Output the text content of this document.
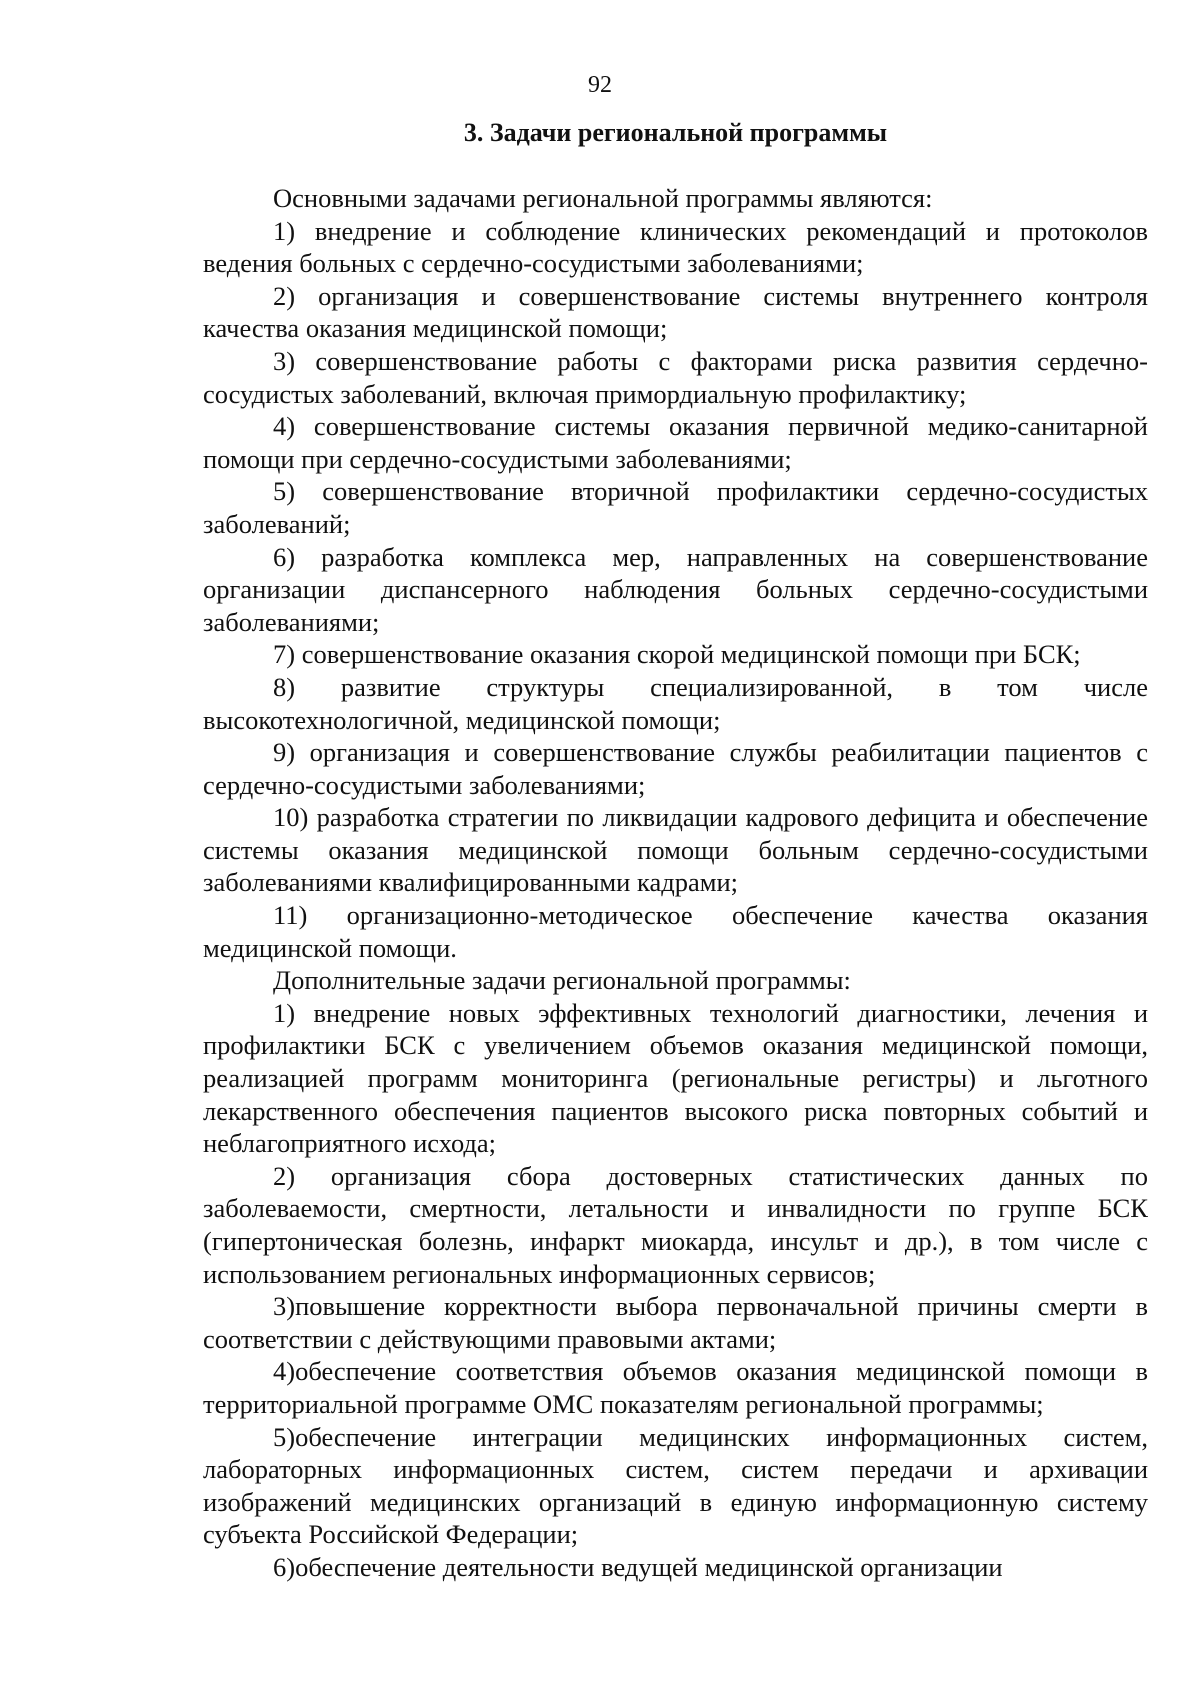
92
3. Задачи региональной программы

Основными задачами региональной программы являются:

1) внедрение и соблюдение клинических рекомендаций и протоколов ведения больных с сердечно-сосудистыми заболеваниями;

2) организация и совершенствование системы внутреннего контроля качества оказания медицинской помощи;

3) совершенствование работы с факторами риска развития сердечно-сосудистых заболеваний, включая примордиальную профилактику;

4) совершенствование системы оказания первичной медико-санитарной помощи при сердечно-сосудистыми заболеваниями;

5) совершенствование вторичной профилактики сердечно-сосудистых заболеваний;

6) разработка комплекса мер, направленных на совершенствование организации диспансерного наблюдения больных сердечно-сосудистыми заболеваниями;

7) совершенствование оказания скорой медицинской помощи при БСК;

8) развитие структуры специализированной, в том числе высокотехнологичной, медицинской помощи;

9) организация и совершенствование службы реабилитации пациентов с сердечно-сосудистыми заболеваниями;

10) разработка стратегии по ликвидации кадрового дефицита и обеспечение системы оказания медицинской помощи больным сердечно-сосудистыми заболеваниями квалифицированными кадрами;

11) организационно-методическое обеспечение качества оказания медицинской помощи.

Дополнительные задачи региональной программы:

1) внедрение новых эффективных технологий диагностики, лечения и профилактики БСК с увеличением объемов оказания медицинской помощи, реализацией программ мониторинга (региональные регистры) и льготного лекарственного обеспечения пациентов высокого риска повторных событий и неблагоприятного исхода;

2) организация сбора достоверных статистических данных по заболеваемости, смертности, летальности и инвалидности по группе БСК (гипертоническая болезнь, инфаркт миокарда, инсульт и др.), в том числе с использованием региональных информационных сервисов;

3)повышение корректности выбора первоначальной причины смерти в соответствии с действующими правовыми актами;

4)обеспечение соответствия объемов оказания медицинской помощи в территориальной программе ОМС показателям региональной программы;

5)обеспечение интеграции медицинских информационных систем, лабораторных информационных систем, систем передачи и архивации изображений медицинских организаций в единую информационную систему субъекта Российской Федерации;

6)обеспечение деятельности ведущей медицинской организации
